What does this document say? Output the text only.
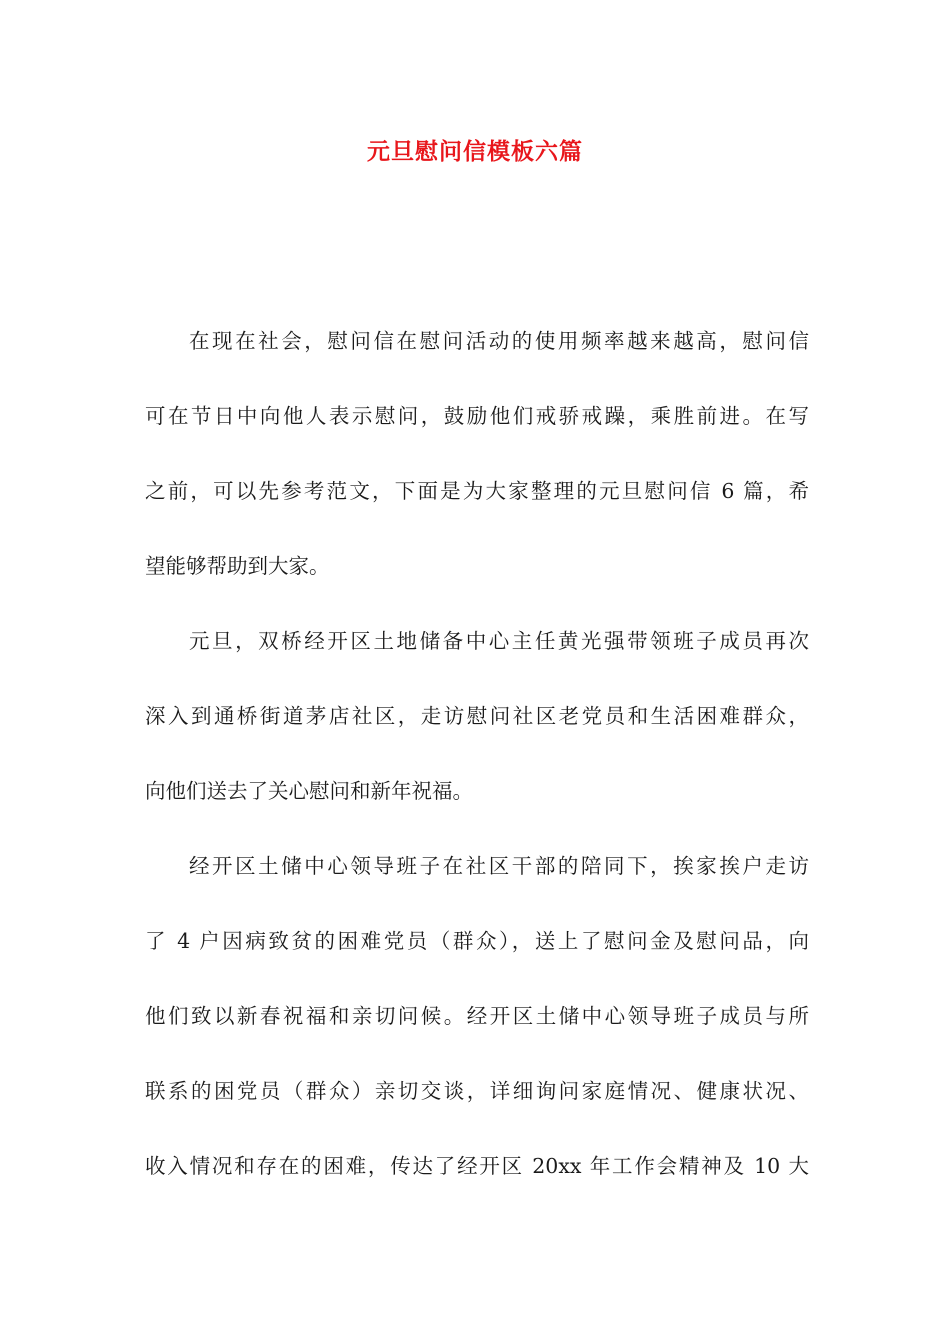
元旦慰问信模板六篇
在现在社会，慰问信在慰问活动的使用频率越来越高，慰问信
可在节日中向他人表示慰问，鼓励他们戒骄戒躁，乘胜前进。在写
之前，可以先参考范文，下面是为大家整理的元旦慰问信 6 篇，希
望能够帮助到大家。
元旦，双桥经开区土地储备中心主任黄光强带领班子成员再次
深入到通桥街道茅店社区，走访慰问社区老党员和生活困难群众，
向他们送去了关心慰问和新年祝福。
经开区土储中心领导班子在社区干部的陪同下，挨家挨户走访
了 4 户因病致贫的困难党员（群众），送上了慰问金及慰问品，向
他们致以新春祝福和亲切问候。经开区土储中心领导班子成员与所
联系的困党员（群众）亲切交谈，详细询问家庭情况、健康状况、
收入情况和存在的困难，传达了经开区 20xx 年工作会精神及 10 大
